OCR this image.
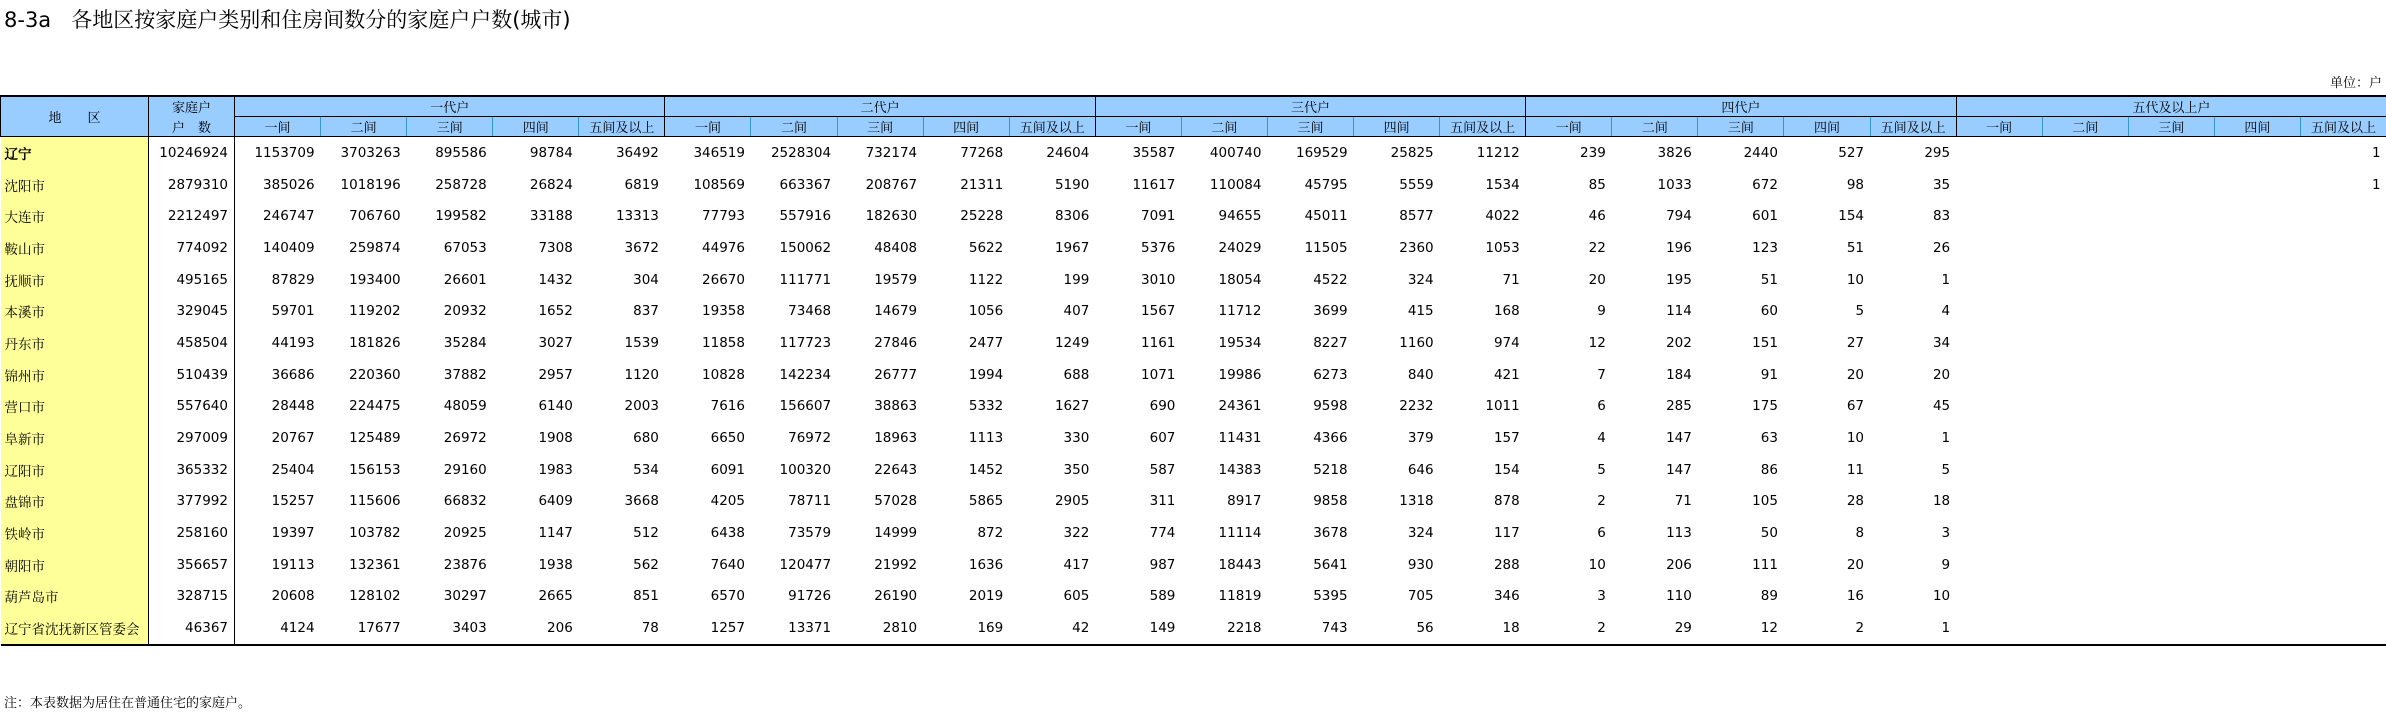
8-3a   各地区按家庭户类别和住房间数分的家庭户户数(城市)
单位：户
地　　区	家庭户	一代户					二代户					三代户					四代户					五代及以上户				
	户　数	一间	二间	三间	四间	五间及以上	一间	二间	三间	四间	五间及以上	一间	二间	三间	四间	五间及以上	一间	二间	三间	四间	五间及以上	一间	二间	三间	四间	五间及以上
辽宁	10246924	1153709	3703263	895586	98784	36492	346519	2528304	732174	77268	24604	35587	400740	169529	25825	11212	239	3826	2440	527	295					1
沈阳市	2879310	385026	1018196	258728	26824	6819	108569	663367	208767	21311	5190	11617	110084	45795	5559	1534	85	1033	672	98	35					1
大连市	2212497	246747	706760	199582	33188	13313	77793	557916	182630	25228	8306	7091	94655	45011	8577	4022	46	794	601	154	83					
鞍山市	774092	140409	259874	67053	7308	3672	44976	150062	48408	5622	1967	5376	24029	11505	2360	1053	22	196	123	51	26					
抚顺市	495165	87829	193400	26601	1432	304	26670	111771	19579	1122	199	3010	18054	4522	324	71	20	195	51	10	1					
本溪市	329045	59701	119202	20932	1652	837	19358	73468	14679	1056	407	1567	11712	3699	415	168	9	114	60	5	4					
丹东市	458504	44193	181826	35284	3027	1539	11858	117723	27846	2477	1249	1161	19534	8227	1160	974	12	202	151	27	34					
锦州市	510439	36686	220360	37882	2957	1120	10828	142234	26777	1994	688	1071	19986	6273	840	421	7	184	91	20	20					
营口市	557640	28448	224475	48059	6140	2003	7616	156607	38863	5332	1627	690	24361	9598	2232	1011	6	285	175	67	45					
阜新市	297009	20767	125489	26972	1908	680	6650	76972	18963	1113	330	607	11431	4366	379	157	4	147	63	10	1					
辽阳市	365332	25404	156153	29160	1983	534	6091	100320	22643	1452	350	587	14383	5218	646	154	5	147	86	11	5					
盘锦市	377992	15257	115606	66832	6409	3668	4205	78711	57028	5865	2905	311	8917	9858	1318	878	2	71	105	28	18					
铁岭市	258160	19397	103782	20925	1147	512	6438	73579	14999	872	322	774	11114	3678	324	117	6	113	50	8	3					
朝阳市	356657	19113	132361	23876	1938	562	7640	120477	21992	1636	417	987	18443	5641	930	288	10	206	111	20	9					
葫芦岛市	328715	20608	128102	30297	2665	851	6570	91726	26190	2019	605	589	11819	5395	705	346	3	110	89	16	10					
辽宁省沈抚新区管委会	46367	4124	17677	3403	206	78	1257	13371	2810	169	42	149	2218	743	56	18	2	29	12	2	1					
注：本表数据为居住在普通住宅的家庭户。
